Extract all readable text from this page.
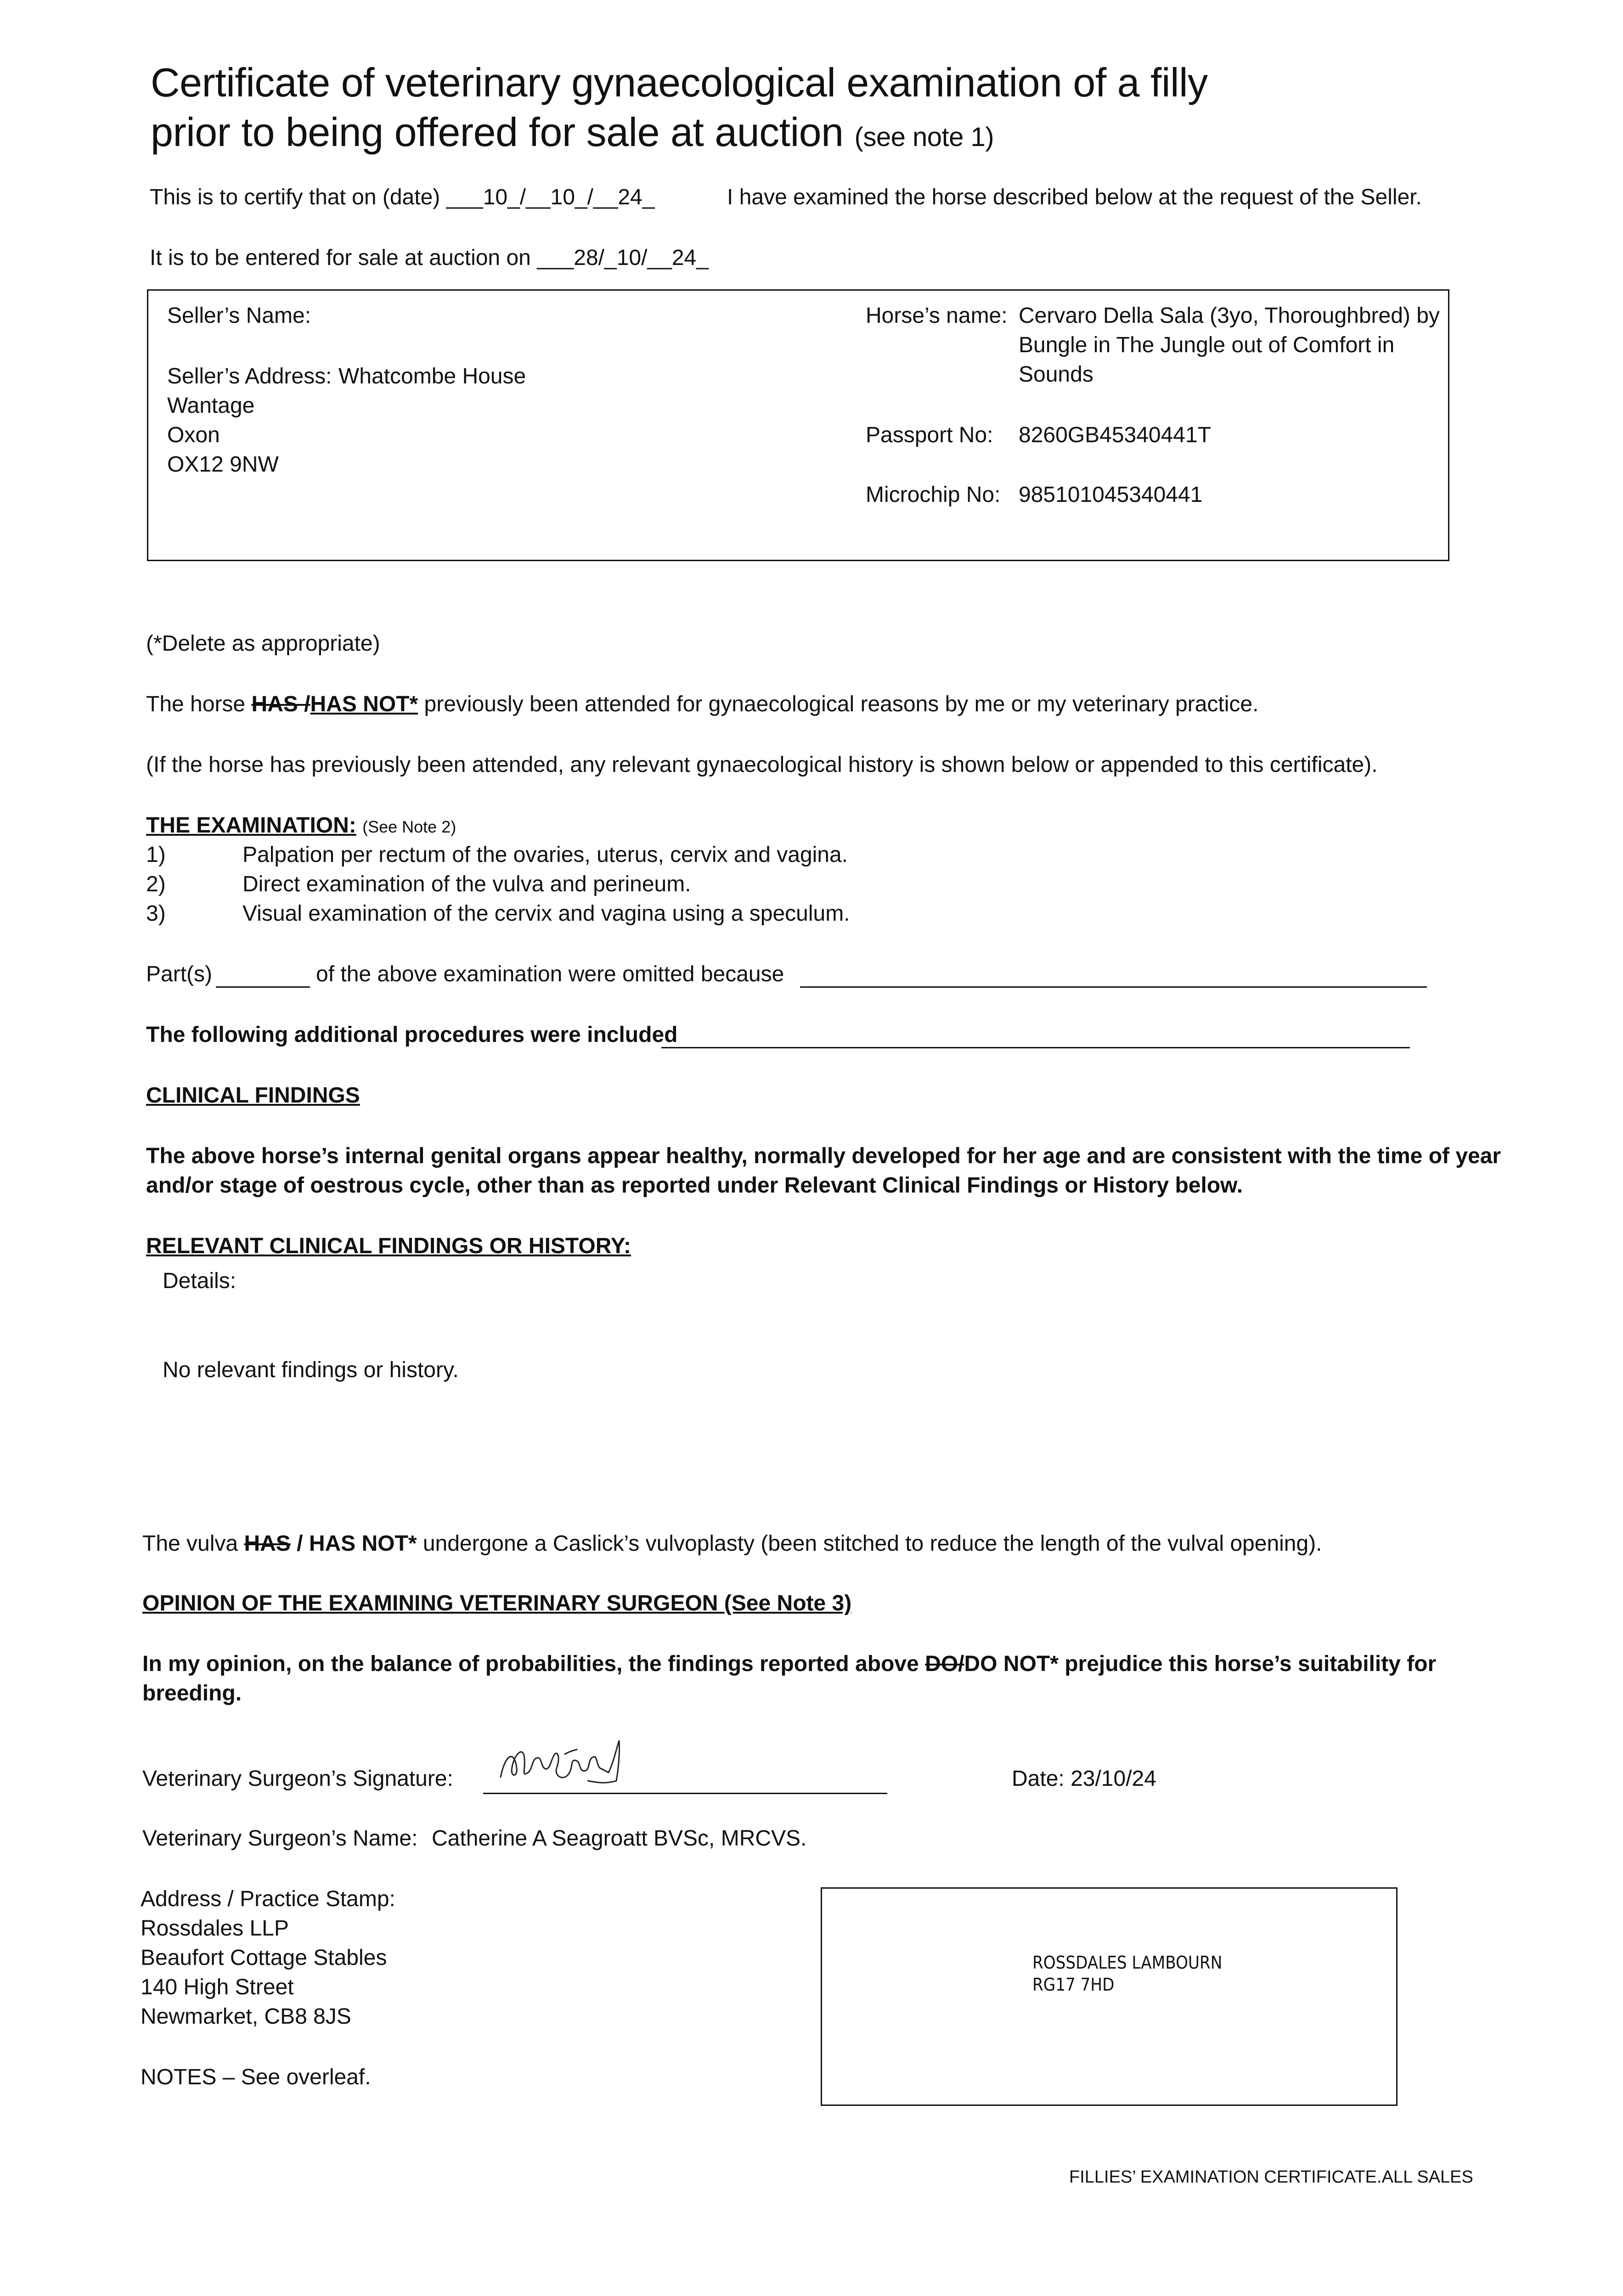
Certificate of veterinary gynaecological examination of a filly
prior to being offered for sale at auction (see note 1)
This is to certify that on (date) ___10_/__10_/__24_	I have examined the horse described below at the request of the Seller.
It is to be entered for sale at auction on ___28/_10/__24_
Seller’s Name:
Seller’s Address: Whatcombe House
Wantage
Oxon
OX12 9NW
Horse’s name: Cervaro Della Sala (3yo, Thoroughbred) by
Bungle in The Jungle out of Comfort in
Sounds
Passport No: 8260GB45340441T
Microchip No: 985101045340441
(*Delete as appropriate)
The horse HAS /HAS NOT* previously been attended for gynaecological reasons by me or my veterinary practice.
(If the horse has previously been attended, any relevant gynaecological history is shown below or appended to this certificate).
THE EXAMINATION: (See Note 2)
1)	Palpation per rectum of the ovaries, uterus, cervix and vagina.
2)	Direct examination of the vulva and perineum.
3)	Visual examination of the cervix and vagina using a speculum.
Part(s)	of the above examination were omitted because
The following additional procedures were included
CLINICAL FINDINGS
The above horse’s internal genital organs appear healthy, normally developed for her age and are consistent with the time of year
and/or stage of oestrous cycle, other than as reported under Relevant Clinical Findings or History below.
RELEVANT CLINICAL FINDINGS OR HISTORY:
Details:
No relevant findings or history.
The vulva HAS / HAS NOT* undergone a Caslick’s vulvoplasty (been stitched to reduce the length of the vulval opening).
OPINION OF THE EXAMINING VETERINARY SURGEON (See Note 3)
In my opinion, on the balance of probabilities, the findings reported above DO/DO NOT* prejudice this horse’s suitability for
breeding.
Veterinary Surgeon’s Signature:	Date: 23/10/24
Veterinary Surgeon’s Name: Catherine A Seagroatt BVSc, MRCVS.
Address / Practice Stamp:
Rossdales LLP
Beaufort Cottage Stables
140 High Street
Newmarket, CB8 8JS
ROSSDALES LAMBOURN
RG17 7HD
NOTES – See overleaf.
FILLIES’ EXAMINATION CERTIFICATE.ALL SALES
